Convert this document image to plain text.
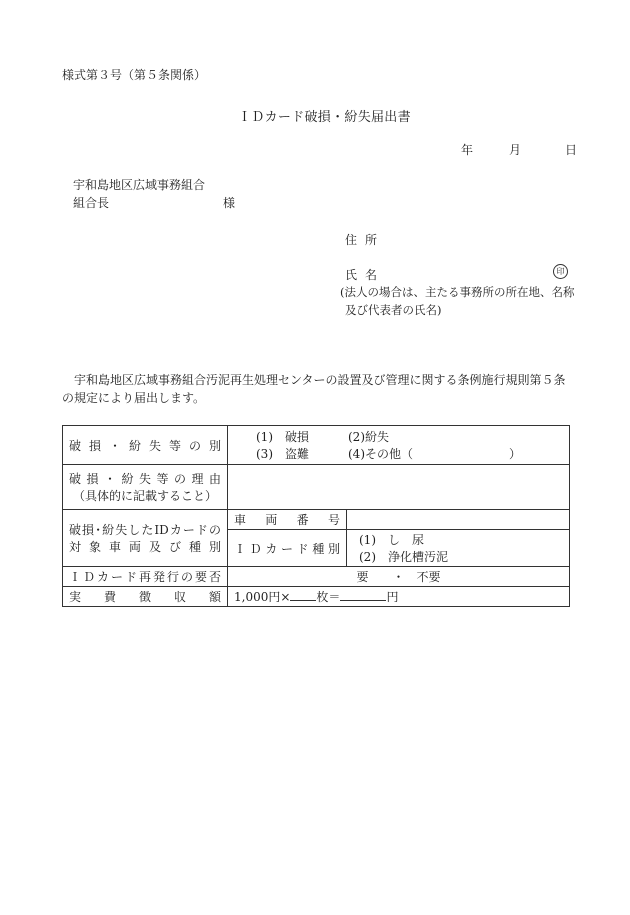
様式第３号（第５条関係）
ＩＤカード破損・紛失届出書
年	月	日
宇和島地区広域事務組合
組合長	様
住所
氏名	印
(法人の場合は、主たる事務所の所在地、名称
及び代表者の氏名)
宇和島地区広域事務組合汚泥再生処理センターの設置及び管理に関する条例施行規則第５条の規定により届出します。
破損・紛失等の別	(1)　破損 (2)紛失
(3)　盗難 (4)その他（　　　　　　　　）	

破損・紛失等の理由
（具体的に記載すること）		

破損･紛失したIDカードの
対象車両及び種別	車両番号	

	ＩＤカード種別	(1)　し　尿
(2)　浄化槽汚泥

ＩＤカード再発行の要否	要　　・　不要	

実費徴収額	1,000円× 枚＝ 円	
